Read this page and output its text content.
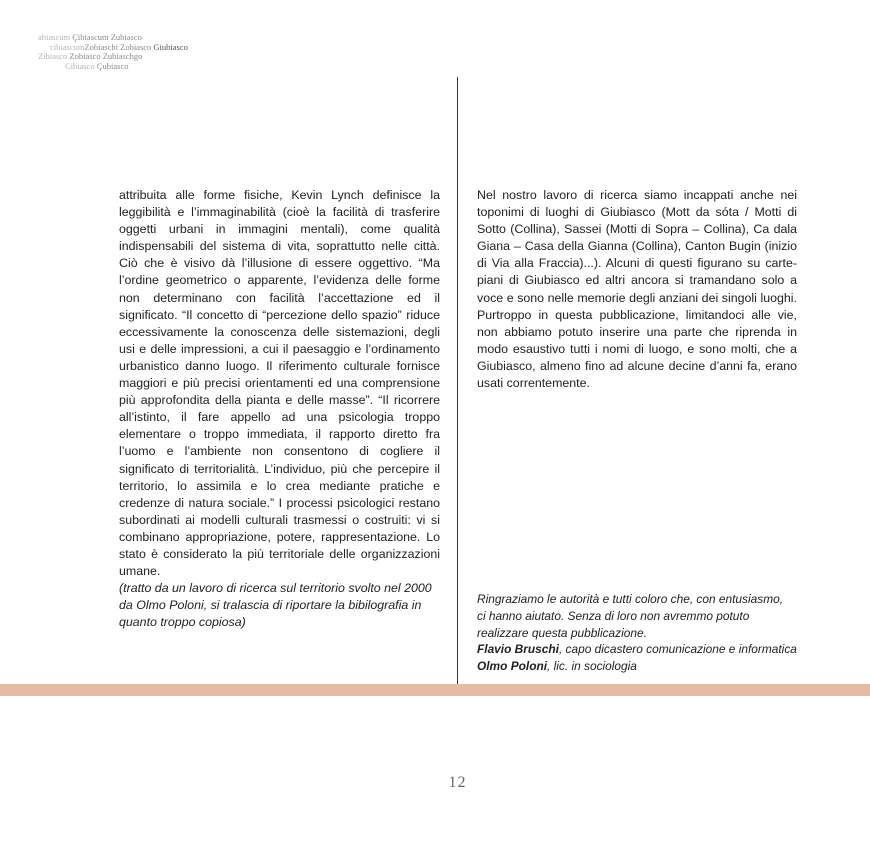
abiascum Çibiascum Zubiasco
cibiascumZobiaschi Zobiasco Giubiasco
Zibiasco Zobiasco Zubiaschgo
Cibiasco Çubiasco

attribuita alle forme fisiche, Kevin Lynch definisce la leggibilità e l’immaginabilità (cioè la facilità di trasferire oggetti urbani in immagini mentali), come qualità indispensabili del sistema di vita, soprattutto nelle città. Ciò che è visivo dà l’illusione di essere oggettivo. “Ma l’ordine geometrico o apparente, l’evidenza delle forme non determinano con facilità l’accettazione ed il significato. “Il concetto di “percezione dello spazio” riduce eccessivamente la conoscenza delle sistemazioni, degli usi e delle impressioni, a cui il paesaggio e l’ordinamento urbanistico danno luogo. Il riferimento culturale fornisce maggiori e più precisi orientamenti ed una comprensione più approfondita della pianta e delle masse”. “Il ricorrere all’istinto, il fare appello ad una psicologia troppo elementare o troppo immediata, il rapporto diretto fra l’uomo e l’ambiente non consentono di cogliere il significato di territorialità. L’individuo, più che percepire il territorio, lo assimila e lo crea mediante pratiche e credenze di natura sociale.” I processi psicologici restano subordinati ai modelli culturali trasmessi o costruiti: vi si combinano appropriazione, potere, rappresentazione. Lo stato è considerato la più territoriale delle organizzazioni umane.

(tratto da un lavoro di ricerca sul territorio svolto nel 2000 da Olmo Poloni, si tralascia di riportare la bibilografia in quanto troppo copiosa)

Nel nostro lavoro di ricerca siamo incappati anche nei toponimi di luoghi di Giubiasco (Mott da sóta / Motti di Sotto (Collina), Sassei (Motti di Sopra – Collina), Ca dala Giana – Casa della Gianna (Collina), Canton Bugin (inizio di Via alla Fraccia)...). Alcuni di questi figurano su carte-piani di Giubiasco ed altri ancora si tramandano solo a voce e sono nelle memorie degli anziani dei singoli luoghi. Purtroppo in questa pubblicazione, limitandoci alle vie, non abbiamo potuto inserire una parte che riprenda in modo esaustivo tutti i nomi di luogo, e sono molti, che a Giubiasco, almeno fino ad alcune decine d’anni fa, erano usati correntemente.

Ringraziamo le autorità e tutti coloro che, con entusiasmo,
ci hanno aiutato. Senza di loro non avremmo potuto
realizzare questa pubblicazione.
Flavio Bruschi, capo dicastero comunicazione e informatica
Olmo Poloni, lic. in sociologia
12
